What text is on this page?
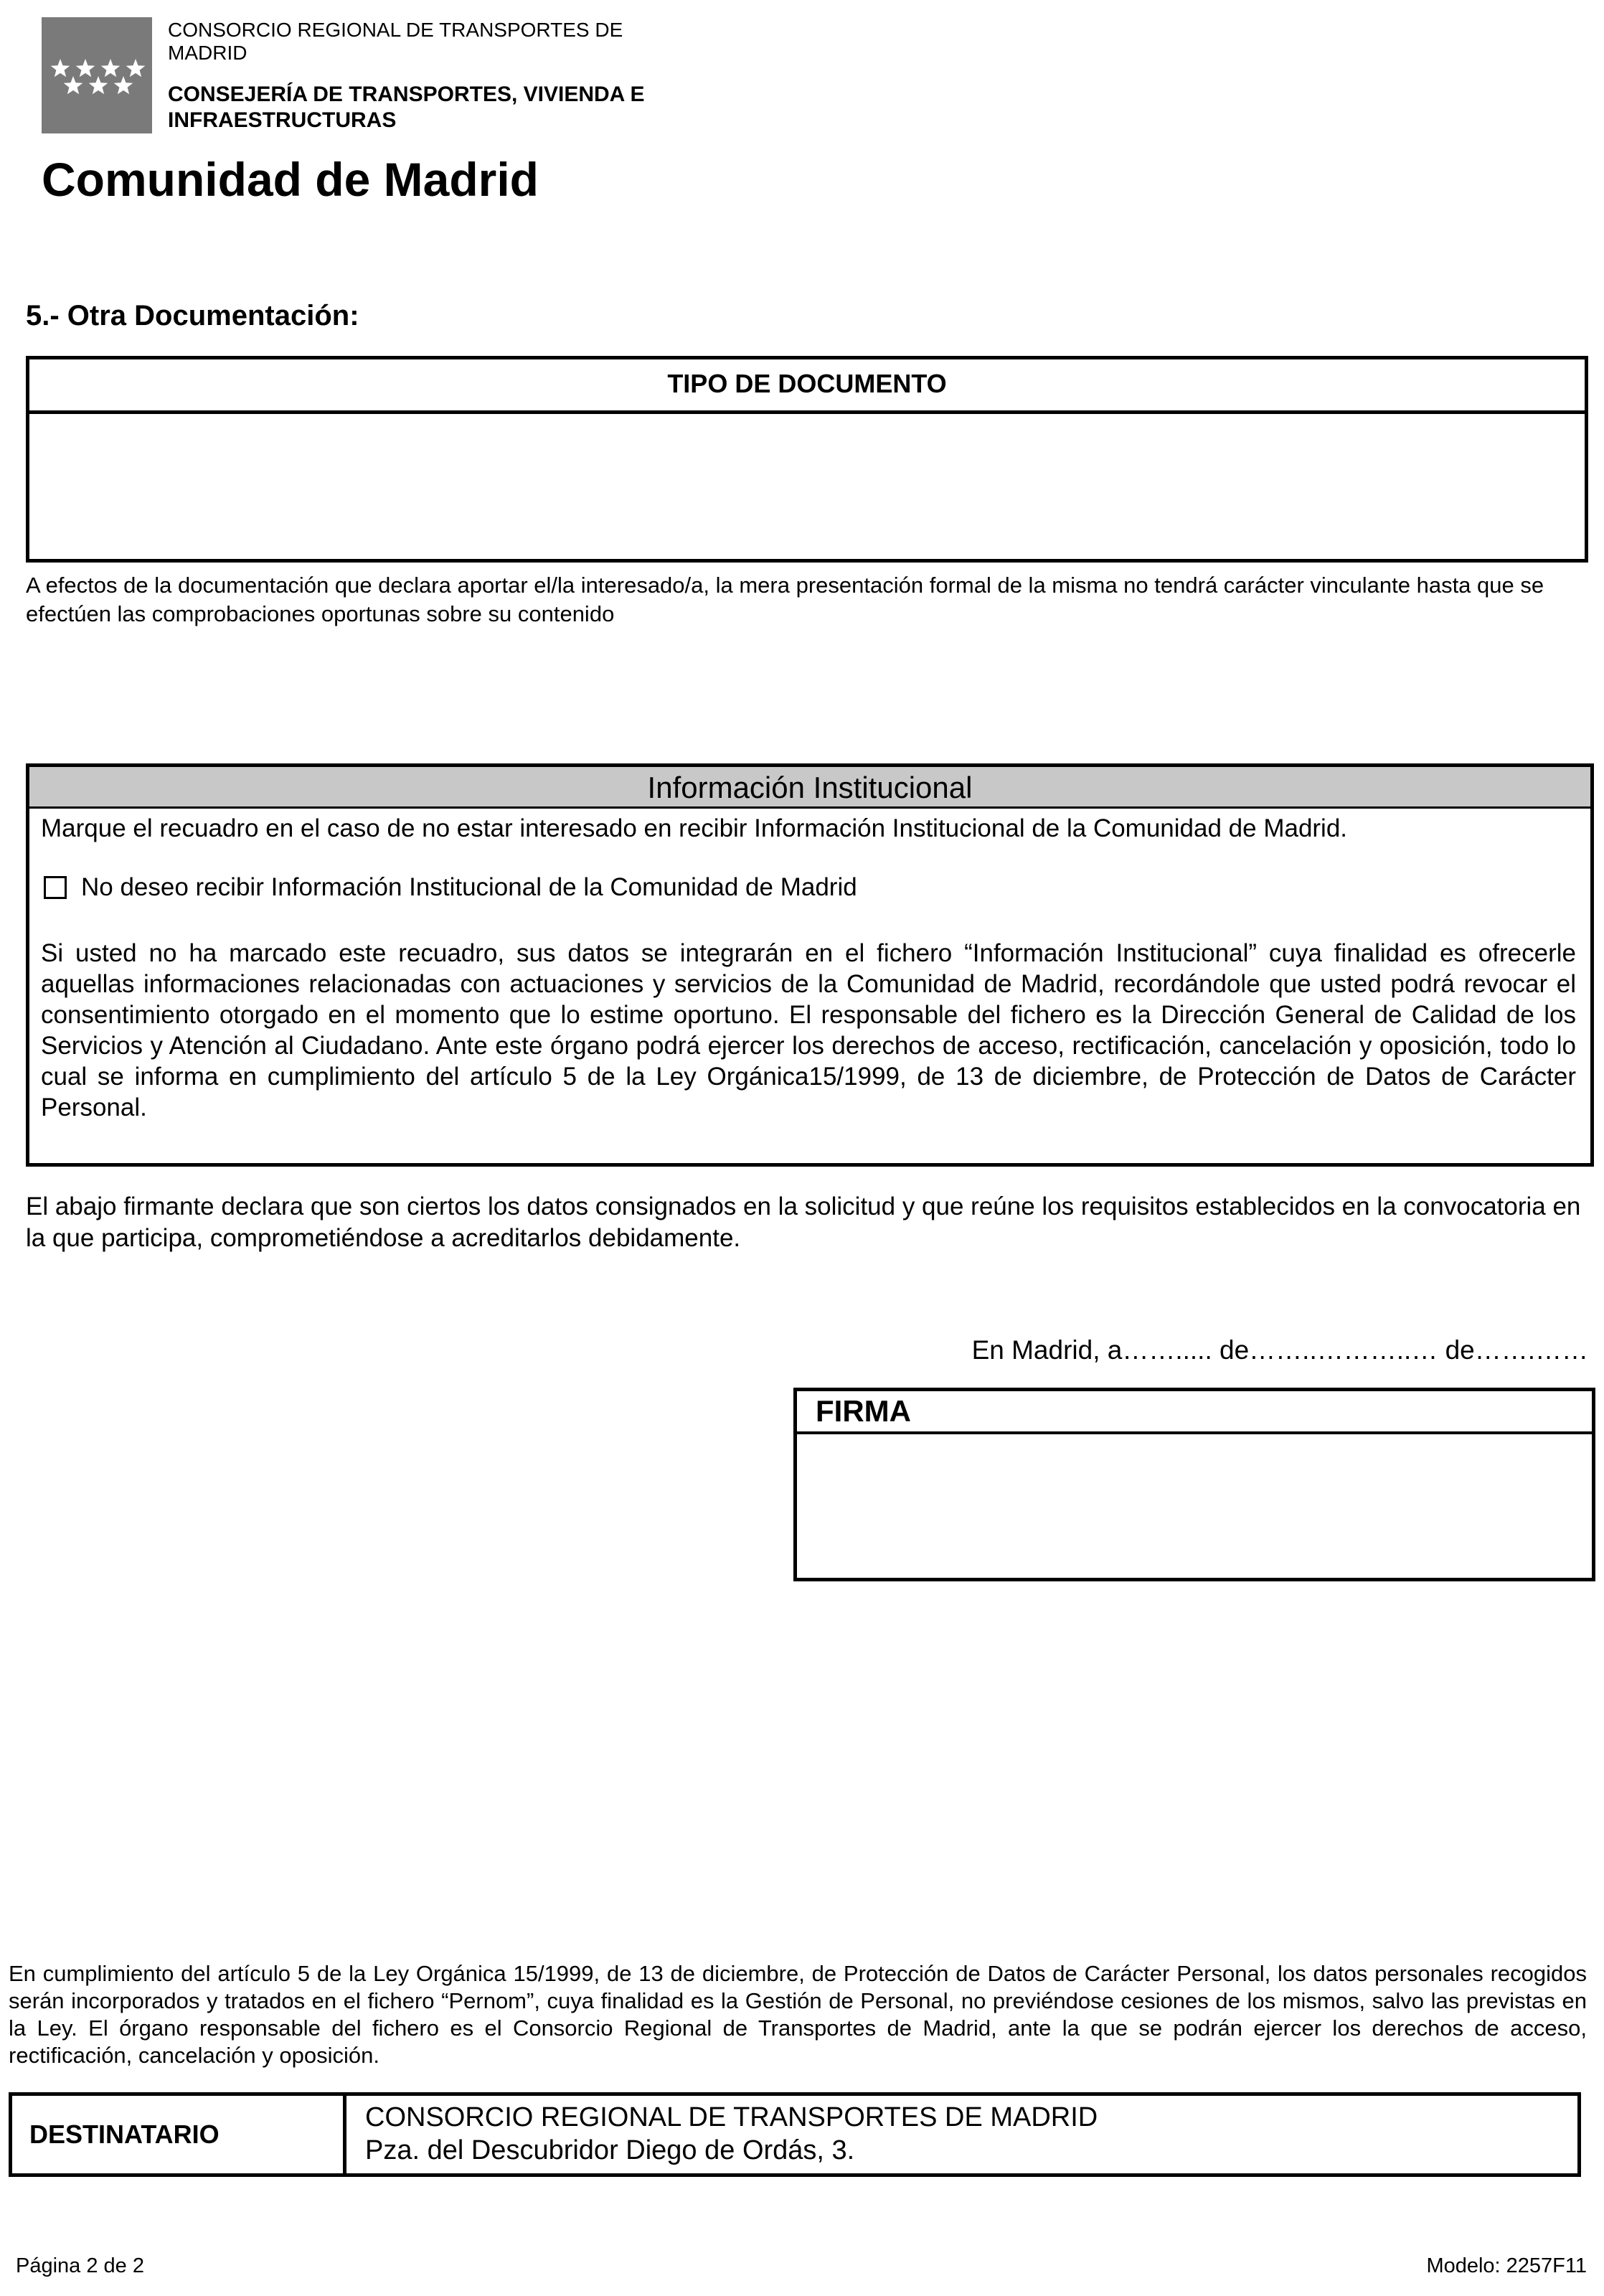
CONSORCIO REGIONAL DE TRANSPORTES DE MADRID
CONSEJERÍA DE TRANSPORTES, VIVIENDA E INFRAESTRUCTURAS
Comunidad de Madrid
5.- Otra Documentación:
TIPO DE DOCUMENTO
A efectos de la documentación que declara aportar el/la interesado/a, la mera presentación formal de la misma no tendrá carácter vinculante hasta que se efectúen las comprobaciones oportunas sobre su contenido
Información Institucional
Marque el recuadro en el caso de no estar interesado en recibir Información Institucional de la Comunidad de Madrid.
No deseo recibir Información Institucional de la Comunidad de Madrid
Si usted no ha marcado este recuadro, sus datos se integrarán en el fichero “Información Institucional” cuya finalidad es ofrecerle aquellas informaciones relacionadas con actuaciones y servicios de la Comunidad de Madrid, recordándole que usted podrá revocar el consentimiento otorgado en el momento que lo estime oportuno. El responsable del fichero es la Dirección General de Calidad de los Servicios y Atención al Ciudadano. Ante este órgano podrá ejercer los derechos de acceso, rectificación, cancelación y oposición, todo lo cual se informa en cumplimiento del artículo 5 de la Ley Orgánica15/1999, de 13 de diciembre, de Protección de Datos de Carácter Personal.
El abajo firmante declara que son ciertos los datos consignados en la solicitud y que reúne los requisitos establecidos en la convocatoria en la que participa, comprometiéndose a acreditarlos debidamente.
En Madrid, a……..... de……..………..… de…….……
FIRMA
En cumplimiento del artículo 5 de la Ley Orgánica 15/1999, de 13 de diciembre, de Protección de Datos de Carácter Personal, los datos personales recogidos serán incorporados y tratados en el fichero “Pernom”, cuya finalidad es la Gestión de Personal, no previéndose cesiones de los mismos, salvo las previstas en la Ley. El órgano responsable del fichero es el Consorcio Regional de Transportes de Madrid, ante la que se podrán ejercer los derechos de acceso, rectificación, cancelación y oposición.
DESTINATARIO
CONSORCIO REGIONAL DE TRANSPORTES DE MADRID
Pza. del Descubridor Diego de Ordás, 3.
Página 2 de 2	Modelo: 2257F11
